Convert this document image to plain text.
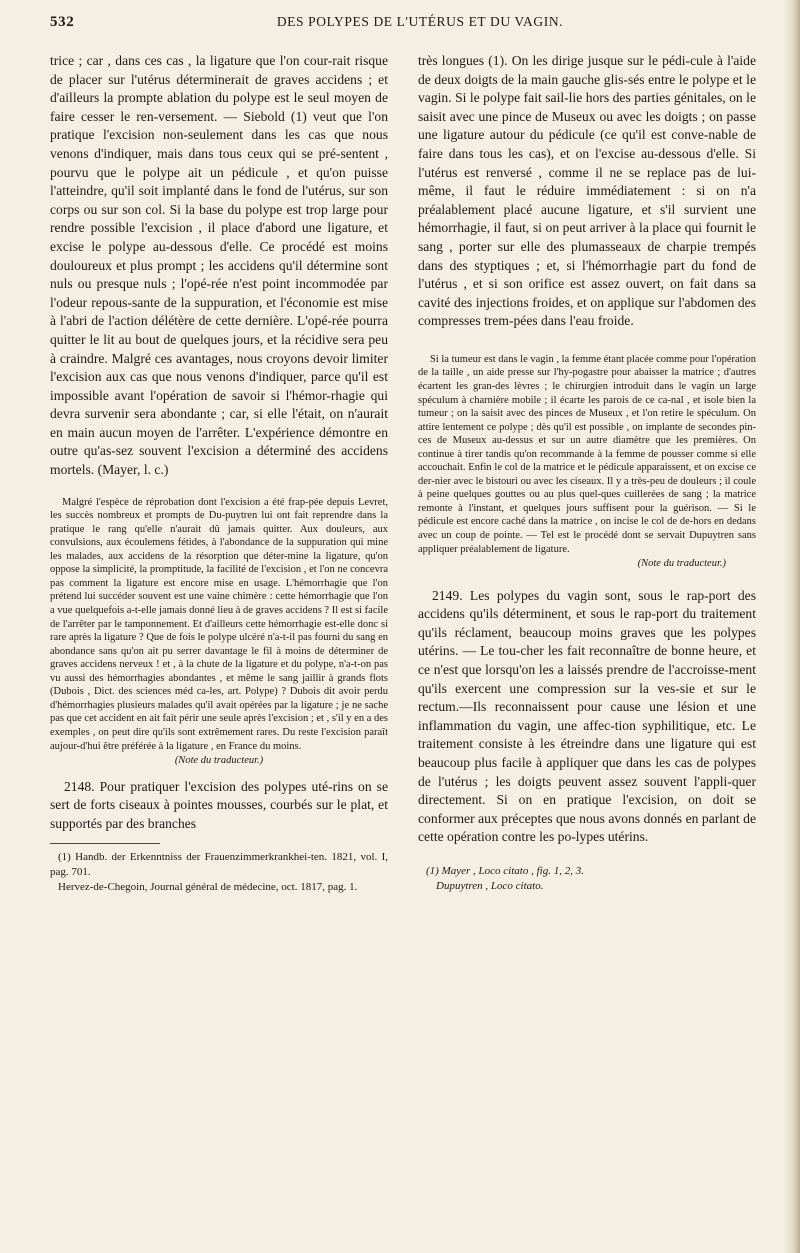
532	DES POLYPES DE L'UTÉRUS ET DU VAGIN.

trice ; car , dans ces cas , la ligature que l'on cour-rait risque de placer sur l'utérus déterminerait de graves accidens ; et d'ailleurs la prompte ablation du polype est le seul moyen de faire cesser le ren-versement. — Siebold (1) veut que l'on pratique l'excision non-seulement dans les cas que nous venons d'indiquer, mais dans tous ceux qui se pré-sentent , pourvu que le polype ait un pédicule , et qu'on puisse l'atteindre, qu'il soit implanté dans le fond de l'utérus, sur son corps ou sur son col. Si la base du polype est trop large pour rendre possible l'excision , il place d'abord une ligature, et excise le polype au-dessous d'elle. Ce procédé est moins douloureux et plus prompt ; les accidens qu'il détermine sont nuls ou presque nuls ; l'opé-rée n'est point incommodée par l'odeur repous-sante de la suppuration, et l'économie est mise à l'abri de l'action délétère de cette dernière. L'opé-rée pourra quitter le lit au bout de quelques jours, et la récidive sera peu à craindre. Malgré ces avantages, nous croyons devoir limiter l'excision aux cas que nous venons d'indiquer, parce qu'il est impossible avant l'opération de savoir si l'hémor-rhagie qui devra survenir sera abondante ; car, si elle l'était, on n'aurait en main aucun moyen de l'arrêter. L'expérience démontre en outre qu'as-sez souvent l'excision a déterminé des accidens mortels. (Mayer, l. c.)

Malgré l'espèce de réprobation dont l'excision a été frap-pée depuis Levret, les succès nombreux et prompts de Du-puytren lui ont fait reprendre dans la pratique le rang qu'elle n'aurait dû jamais quitter. Aux douleurs, aux convulsions, aux écoulemens fétides, à l'abondance de la suppuration qui mine les malades, aux accidens de la résorption que déter-mine la ligature, qu'on oppose la simplicité, la promptitude, la facilité de l'excision , et l'on ne concevra pas comment la ligature est encore mise en usage. L'hémorrhagie que l'on prétend lui succéder souvent est une vaine chimère : cette hémorrhagie que l'on a vue quelquefois a-t-elle jamais donné lieu à de graves accidens ? Il est si facile de l'arrêter par le tamponnement. Et d'ailleurs cette hémorrhagie est-elle donc si rare après la ligature ? Que de fois le polype ulcéré n'a-t-il pas fourni du sang en abondance sans qu'on ait pu serrer davantage le fil à moins de déterminer de graves accidens nerveux ! et , à la chute de la ligature et du polype, n'a-t-on pas vu aussi des hémorrhagies abondantes , et même le sang jaillir à grands flots (Dubois , Dict. des sciences méd ca-les, art. Polype) ? Dubois dit avoir perdu d'hémorrhagies plusieurs malades qu'il avait opérées par la ligature ; je ne sache pas que cet accident en ait fait périr une seule après l'excision ; et , s'il y en a des exemples , on peut dire qu'ils sont extrêmement rares. Du reste l'excision paraît aujour-d'hui être préférée à la ligature , en France du moins.

(Note du traducteur.)

2148. Pour pratiquer l'excision des polypes uté-rins on se sert de forts ciseaux à pointes mousses, courbés sur le plat, et supportés par des branches

(1) Handb. der Erkenntniss der Frauenzimmerkrankhei-ten. 1821, vol. I, pag. 701.

Hervez-de-Chegoin, Journal général de médecine, oct. 1817, pag. 1.

très longues (1). On les dirige jusque sur le pédi-cule à l'aide de deux doigts de la main gauche glis-sés entre le polype et le vagin. Si le polype fait sail-lie hors des parties génitales, on le saisit avec une pince de Museux ou avec les doigts ; on passe une ligature autour du pédicule (ce qu'il est conve-nable de faire dans tous les cas), et on l'excise au-dessous d'elle. Si l'utérus est renversé , comme il ne se replace pas de lui-même, il faut le réduire immédiatement : si on n'a préalablement placé aucune ligature, et s'il survient une hémorrhagie, il faut, si on peut arriver à la place qui fournit le sang , porter sur elle des plumasseaux de charpie trempés dans des styptiques ; et, si l'hémorrhagie part du fond de l'utérus , et si son orifice est assez ouvert, on fait dans sa cavité des injections froides, et on applique sur l'abdomen des compresses trem-pées dans l'eau froide.

Si la tumeur est dans le vagin , la femme étant placée comme pour l'opération de la taille , un aide presse sur l'hy-pogastre pour abaisser la matrice ; d'autres écartent les gran-des lèvres ; le chirurgien introduit dans le vagin un large spéculum à charnière mobile ; il écarte les parois de ce ca-nal , et isole bien la tumeur ; on la saisit avec des pinces de Museux , et l'on retire le spéculum. On attire lentement ce polype ; dès qu'il est possible , on implante de secondes pin-ces de Museux au-dessus et sur un autre diamètre que les premières. On continue à tirer tandis qu'on recommande à la femme de pousser comme si elle accouchait. Enfin le col de la matrice et le pédicule apparaissent, et on excise ce der-nier avec le bistouri ou avec les ciseaux. Il y a très-peu de douleurs ; il coule à peine quelques gouttes ou au plus quel-ques cuillerées de sang ; la matrice remonte à l'instant, et quelques jours suffisent pour la guérison. — Si le pédicule est encore caché dans la matrice , on incise le col de de-hors en dedans avec un coup de pointe. — Tel est le procédé dont se servait Dupuytren sans appliquer préalablement de ligature.

(Note du traducteur.)

2149. Les polypes du vagin sont, sous le rap-port des accidens qu'ils déterminent, et sous le rap-port du traitement qu'ils réclament, beaucoup moins graves que les polypes utérins. — Le tou-cher les fait reconnaître de bonne heure, et ce n'est que lorsqu'on les a laissés prendre de l'accroisse-ment qu'ils exercent une compression sur la ves-sie et sur le rectum.—Ils reconnaissent pour cause une lésion et une inflammation du vagin, une affec-tion syphilitique, etc. Le traitement consiste à les étreindre dans une ligature qui est beaucoup plus facile à appliquer que dans les cas de polypes de l'utérus ; les doigts peuvent assez souvent l'appli-quer directement. Si on en pratique l'excision, on doit se conformer aux préceptes que nous avons donnés en parlant de cette opération contre les po-lypes utérins.

(1) Mayer , Loco citato , fig. 1, 2, 3.

Dupuytren , Loco citato.
